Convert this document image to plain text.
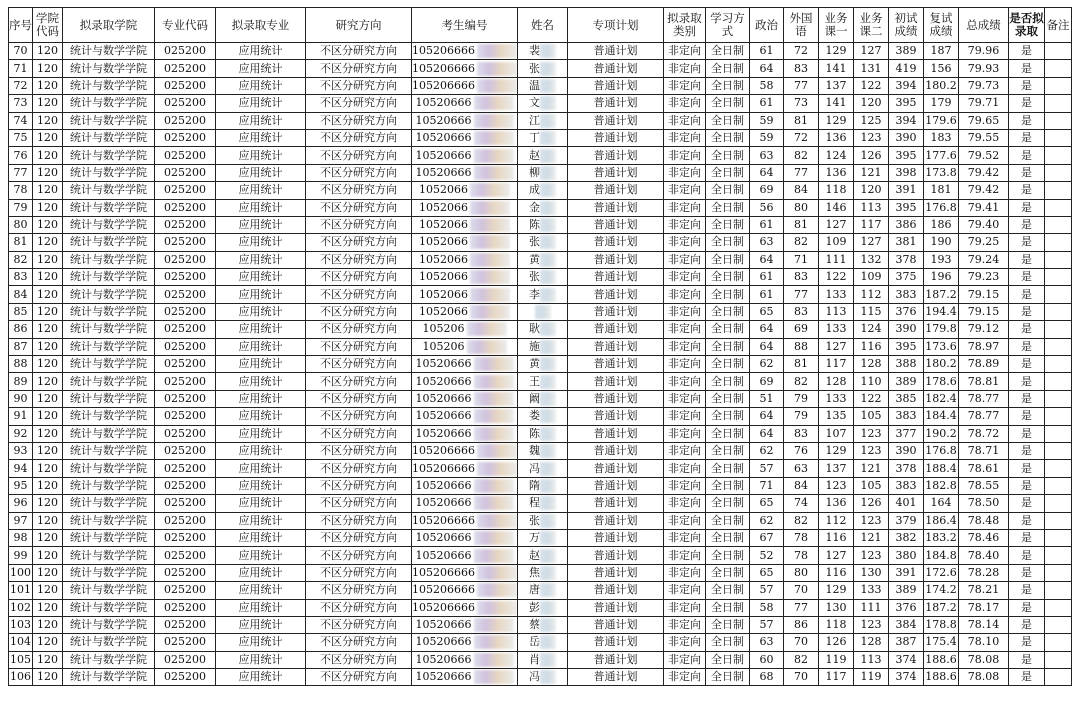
序号	学院代码	拟录取学院	专业代码	拟录取专业	研究方向	考生编号	姓名	专项计划	拟录取类别	学习方式	政治	外国语	业务课一	业务课二	初试成绩	复试成绩	总成绩	是否拟录取	备注
70	120	统计与数学学院	025200	应用统计	不区分研究方向	105206666	裴	普通计划	非定向	全日制	61	72	129	127	389	187	79.96	是	
71	120	统计与数学学院	025200	应用统计	不区分研究方向	105206666	张	普通计划	非定向	全日制	64	83	141	131	419	156	79.93	是	
72	120	统计与数学学院	025200	应用统计	不区分研究方向	105206666	温	普通计划	非定向	全日制	58	77	137	122	394	180.2	79.73	是	
73	120	统计与数学学院	025200	应用统计	不区分研究方向	10520666	文	普通计划	非定向	全日制	61	73	141	120	395	179	79.71	是	
74	120	统计与数学学院	025200	应用统计	不区分研究方向	10520666	江	普通计划	非定向	全日制	59	81	129	125	394	179.6	79.65	是	
75	120	统计与数学学院	025200	应用统计	不区分研究方向	10520666	丁	普通计划	非定向	全日制	59	72	136	123	390	183	79.55	是	
76	120	统计与数学学院	025200	应用统计	不区分研究方向	10520666	赵	普通计划	非定向	全日制	63	82	124	126	395	177.6	79.52	是	
77	120	统计与数学学院	025200	应用统计	不区分研究方向	10520666	柳	普通计划	非定向	全日制	64	77	136	121	398	173.8	79.42	是	
78	120	统计与数学学院	025200	应用统计	不区分研究方向	1052066	成	普通计划	非定向	全日制	69	84	118	120	391	181	79.42	是	
79	120	统计与数学学院	025200	应用统计	不区分研究方向	1052066	金	普通计划	非定向	全日制	56	80	146	113	395	176.8	79.41	是	
80	120	统计与数学学院	025200	应用统计	不区分研究方向	1052066	陈	普通计划	非定向	全日制	61	81	127	117	386	186	79.40	是	
81	120	统计与数学学院	025200	应用统计	不区分研究方向	1052066	张	普通计划	非定向	全日制	63	82	109	127	381	190	79.25	是	
82	120	统计与数学学院	025200	应用统计	不区分研究方向	1052066	黄	普通计划	非定向	全日制	64	71	111	132	378	193	79.24	是	
83	120	统计与数学学院	025200	应用统计	不区分研究方向	1052066	张	普通计划	非定向	全日制	61	83	122	109	375	196	79.23	是	
84	120	统计与数学学院	025200	应用统计	不区分研究方向	1052066	李	普通计划	非定向	全日制	61	77	133	112	383	187.2	79.15	是	
85	120	统计与数学学院	025200	应用统计	不区分研究方向	1052066		普通计划	非定向	全日制	65	83	113	115	376	194.4	79.15	是	
86	120	统计与数学学院	025200	应用统计	不区分研究方向	105206	耿	普通计划	非定向	全日制	64	69	133	124	390	179.8	79.12	是	
87	120	统计与数学学院	025200	应用统计	不区分研究方向	105206	施	普通计划	非定向	全日制	64	88	127	116	395	173.6	78.97	是	
88	120	统计与数学学院	025200	应用统计	不区分研究方向	10520666	黄	普通计划	非定向	全日制	62	81	117	128	388	180.2	78.89	是	
89	120	统计与数学学院	025200	应用统计	不区分研究方向	10520666	王	普通计划	非定向	全日制	69	82	128	110	389	178.6	78.81	是	
90	120	统计与数学学院	025200	应用统计	不区分研究方向	10520666	阚	普通计划	非定向	全日制	51	79	133	122	385	182.4	78.77	是	
91	120	统计与数学学院	025200	应用统计	不区分研究方向	10520666	娄	普通计划	非定向	全日制	64	79	135	105	383	184.4	78.77	是	
92	120	统计与数学学院	025200	应用统计	不区分研究方向	10520666	陈	普通计划	非定向	全日制	64	83	107	123	377	190.2	78.72	是	
93	120	统计与数学学院	025200	应用统计	不区分研究方向	105206666	魏	普通计划	非定向	全日制	62	76	129	123	390	176.8	78.71	是	
94	120	统计与数学学院	025200	应用统计	不区分研究方向	105206666	冯	普通计划	非定向	全日制	57	63	137	121	378	188.4	78.61	是	
95	120	统计与数学学院	025200	应用统计	不区分研究方向	10520666	隋	普通计划	非定向	全日制	71	84	123	105	383	182.8	78.55	是	
96	120	统计与数学学院	025200	应用统计	不区分研究方向	10520666	程	普通计划	非定向	全日制	65	74	136	126	401	164	78.50	是	
97	120	统计与数学学院	025200	应用统计	不区分研究方向	105206666	张	普通计划	非定向	全日制	62	82	112	123	379	186.4	78.48	是	
98	120	统计与数学学院	025200	应用统计	不区分研究方向	10520666	万	普通计划	非定向	全日制	67	78	116	121	382	183.2	78.46	是	
99	120	统计与数学学院	025200	应用统计	不区分研究方向	10520666	赵	普通计划	非定向	全日制	52	78	127	123	380	184.8	78.40	是	
100	120	统计与数学学院	025200	应用统计	不区分研究方向	105206666	焦	普通计划	非定向	全日制	65	80	116	130	391	172.6	78.28	是	
101	120	统计与数学学院	025200	应用统计	不区分研究方向	105206666	唐	普通计划	非定向	全日制	57	70	129	133	389	174.2	78.21	是	
102	120	统计与数学学院	025200	应用统计	不区分研究方向	105206666	彭	普通计划	非定向	全日制	58	77	130	111	376	187.2	78.17	是	
103	120	统计与数学学院	025200	应用统计	不区分研究方向	10520666	蔡	普通计划	非定向	全日制	57	86	118	123	384	178.8	78.14	是	
104	120	统计与数学学院	025200	应用统计	不区分研究方向	10520666	岳	普通计划	非定向	全日制	63	70	126	128	387	175.4	78.10	是	
105	120	统计与数学学院	025200	应用统计	不区分研究方向	10520666	肖	普通计划	非定向	全日制	60	82	119	113	374	188.6	78.08	是	
106	120	统计与数学学院	025200	应用统计	不区分研究方向	10520666	冯	普通计划	非定向	全日制	68	70	117	119	374	188.6	78.08	是	
